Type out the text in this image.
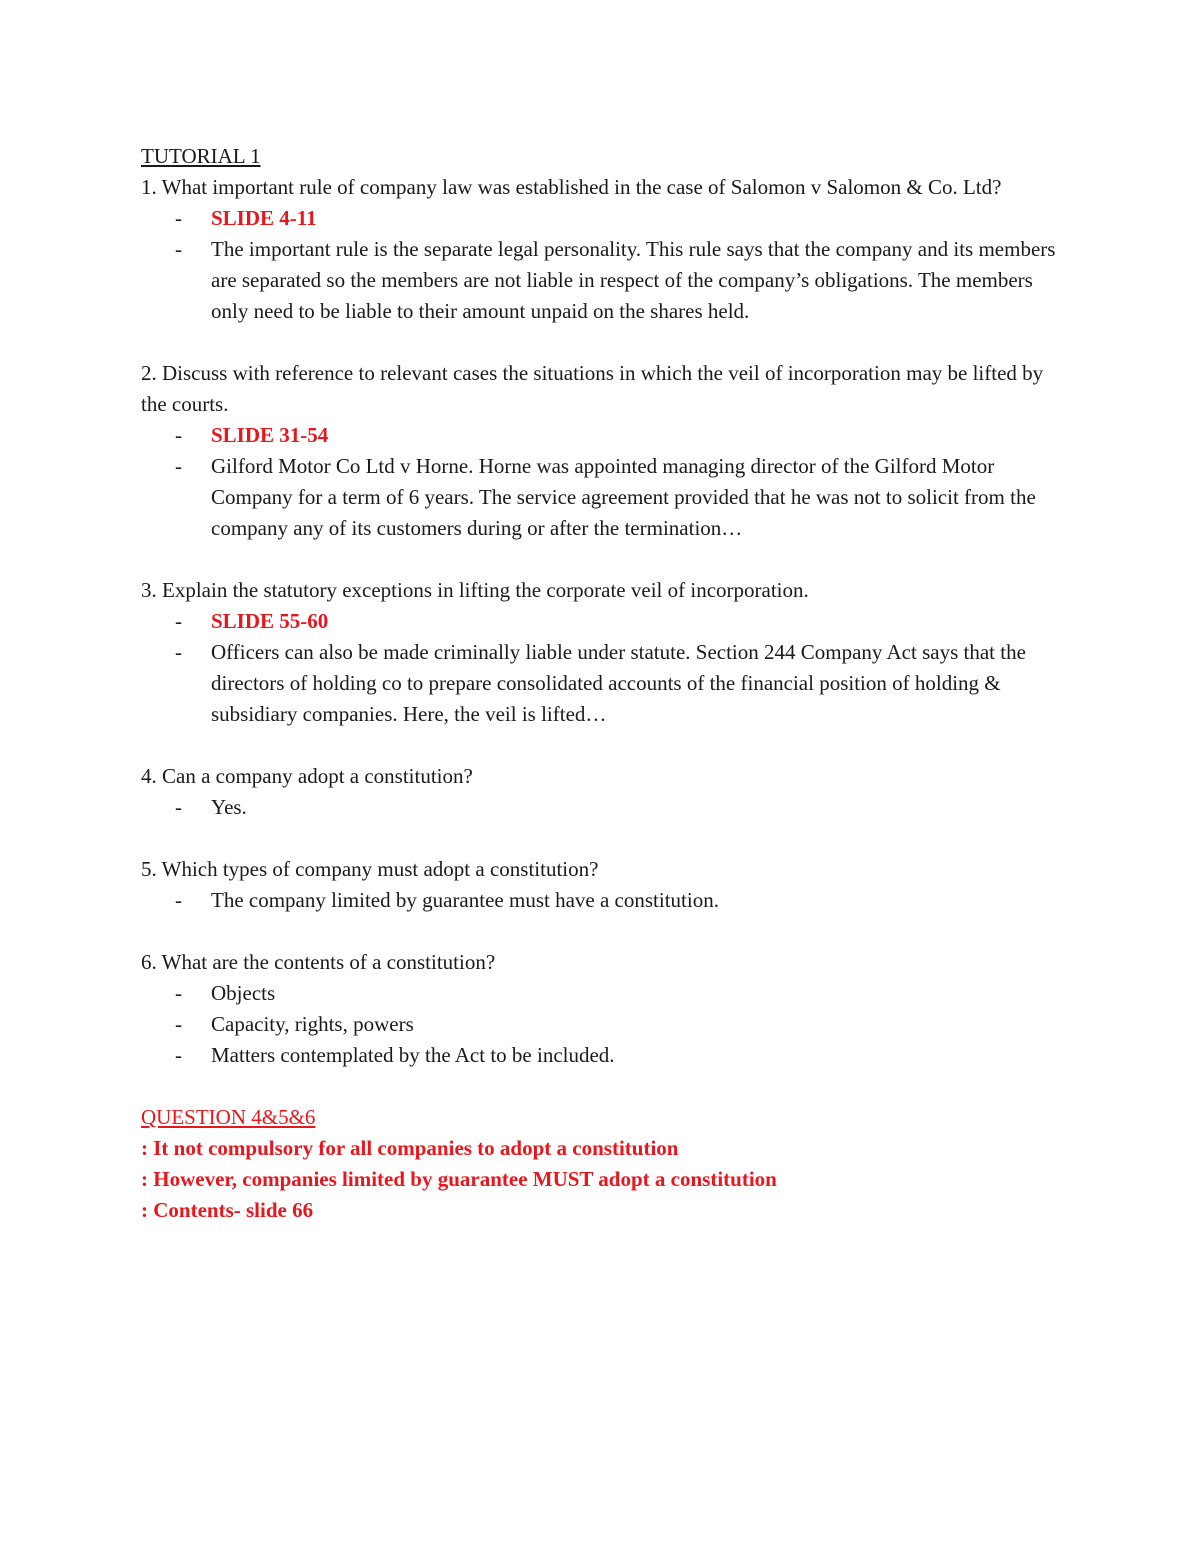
TUTORIAL 1

1. What important rule of company law was established in the case of Salomon v Salomon & Co. Ltd?

- SLIDE 4-11
- The important rule is the separate legal personality. This rule says that the company and its members are separated so the members are not liable in respect of the company’s obligations. The members only need to be liable to their amount unpaid on the shares held.

2. Discuss with reference to relevant cases the situations in which the veil of incorporation may be lifted by the courts.

- SLIDE 31-54
- Gilford Motor Co Ltd v Horne. Horne was appointed managing director of the Gilford Motor Company for a term of 6 years. The service agreement provided that he was not to solicit from the company any of its customers during or after the termination…

3. Explain the statutory exceptions in lifting the corporate veil of incorporation.

- SLIDE 55-60
- Officers can also be made criminally liable under statute. Section 244 Company Act says that the directors of holding co to prepare consolidated accounts of the financial position of holding & subsidiary companies. Here, the veil is lifted…

4. Can a company adopt a constitution?

- Yes.

5. Which types of company must adopt a constitution?

- The company limited by guarantee must have a constitution.

6. What are the contents of a constitution?

- Objects
- Capacity, rights, powers
- Matters contemplated by the Act to be included.

QUESTION 4&5&6

: It not compulsory for all companies to adopt a constitution

: However, companies limited by guarantee MUST adopt a constitution

: Contents- slide 66
